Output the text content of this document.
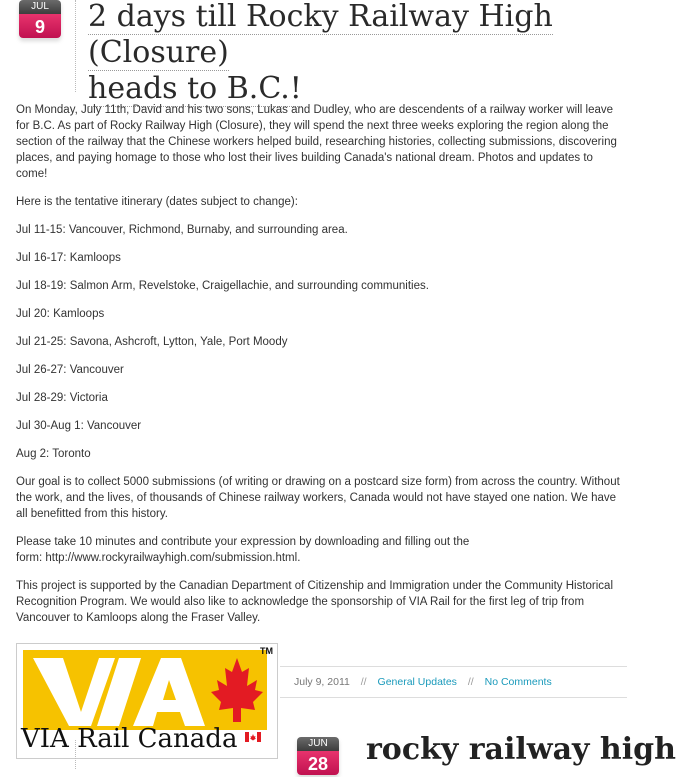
JUL
9	2 days till Rocky Railway High (Closure)
heads to B.C.!

On Monday, July 11th, David and his two sons, Lukas and Dudley, who are descendents of a railway worker will leave for B.C. As part of Rocky Railway High (Closure), they will spend the next three weeks exploring the region along the section of the railway that the Chinese workers helped build, researching histories, collecting submissions, discovering places, and paying homage to those who lost their lives building Canada's national dream. Photos and updates to come!

Here is the tentative itinerary (dates subject to change):

Jul 11-15: Vancouver, Richmond, Burnaby, and surrounding area.

Jul 16-17: Kamloops

Jul 18-19: Salmon Arm, Revelstoke, Craigellachie, and surrounding communities.

Jul 20: Kamloops

Jul 21-25: Savona, Ashcroft, Lytton, Yale, Port Moody

Jul 26-27: Vancouver

Jul 28-29: Victoria

Jul 30-Aug 1: Vancouver

Aug 2: Toronto

Our goal is to collect 5000 submissions (of writing or drawing on a postcard size form) from across the country. Without the work, and the lives, of thousands of Chinese railway workers, Canada would not have stayed one nation. We have all benefitted from this history.

Please take 10 minutes and contribute your expression by downloading and filling out the form: http://www.rockyrailwayhigh.com/submission.html.

This project is supported by the Canadian Department of Citizenship and Immigration under the Community Historical Recognition Program. We would also like to acknowledge the sponsorship of VIA Rail for the first leg of trip from Vancouver to Kamloops along the Fraser Valley.

TM
VIA Rail Canada
July 9, 2011 // General Updates // No Comments
JUN
28	rocky railway high
